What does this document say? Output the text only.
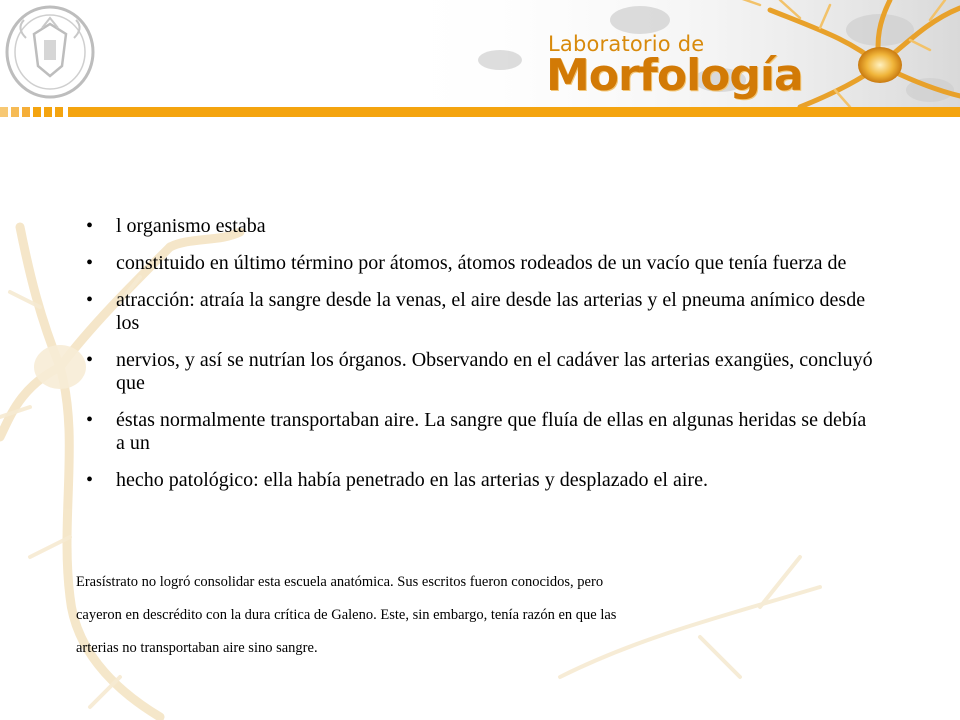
Laboratorio de
Morfología
• l organismo estaba
• constituido en último término por átomos, átomos rodeados de un vacío que tenía fuerza de
• atracción: atraía la sangre desde la venas, el aire desde las arterias y el pneuma anímico desde los
• nervios, y así se nutrían los órganos. Observando en el cadáver las arterias exangües, concluyó que
• éstas normalmente transportaban aire. La sangre que fluía de ellas en algunas heridas se debía a un
• hecho patológico: ella había penetrado en las arterias y desplazado el aire.
Erasístrato no logró consolidar esta escuela anatómica. Sus escritos fueron conocidos, pero
cayeron en descrédito con la dura crítica de Galeno. Este, sin embargo, tenía razón en que las
arterias no transportaban aire sino sangre.
